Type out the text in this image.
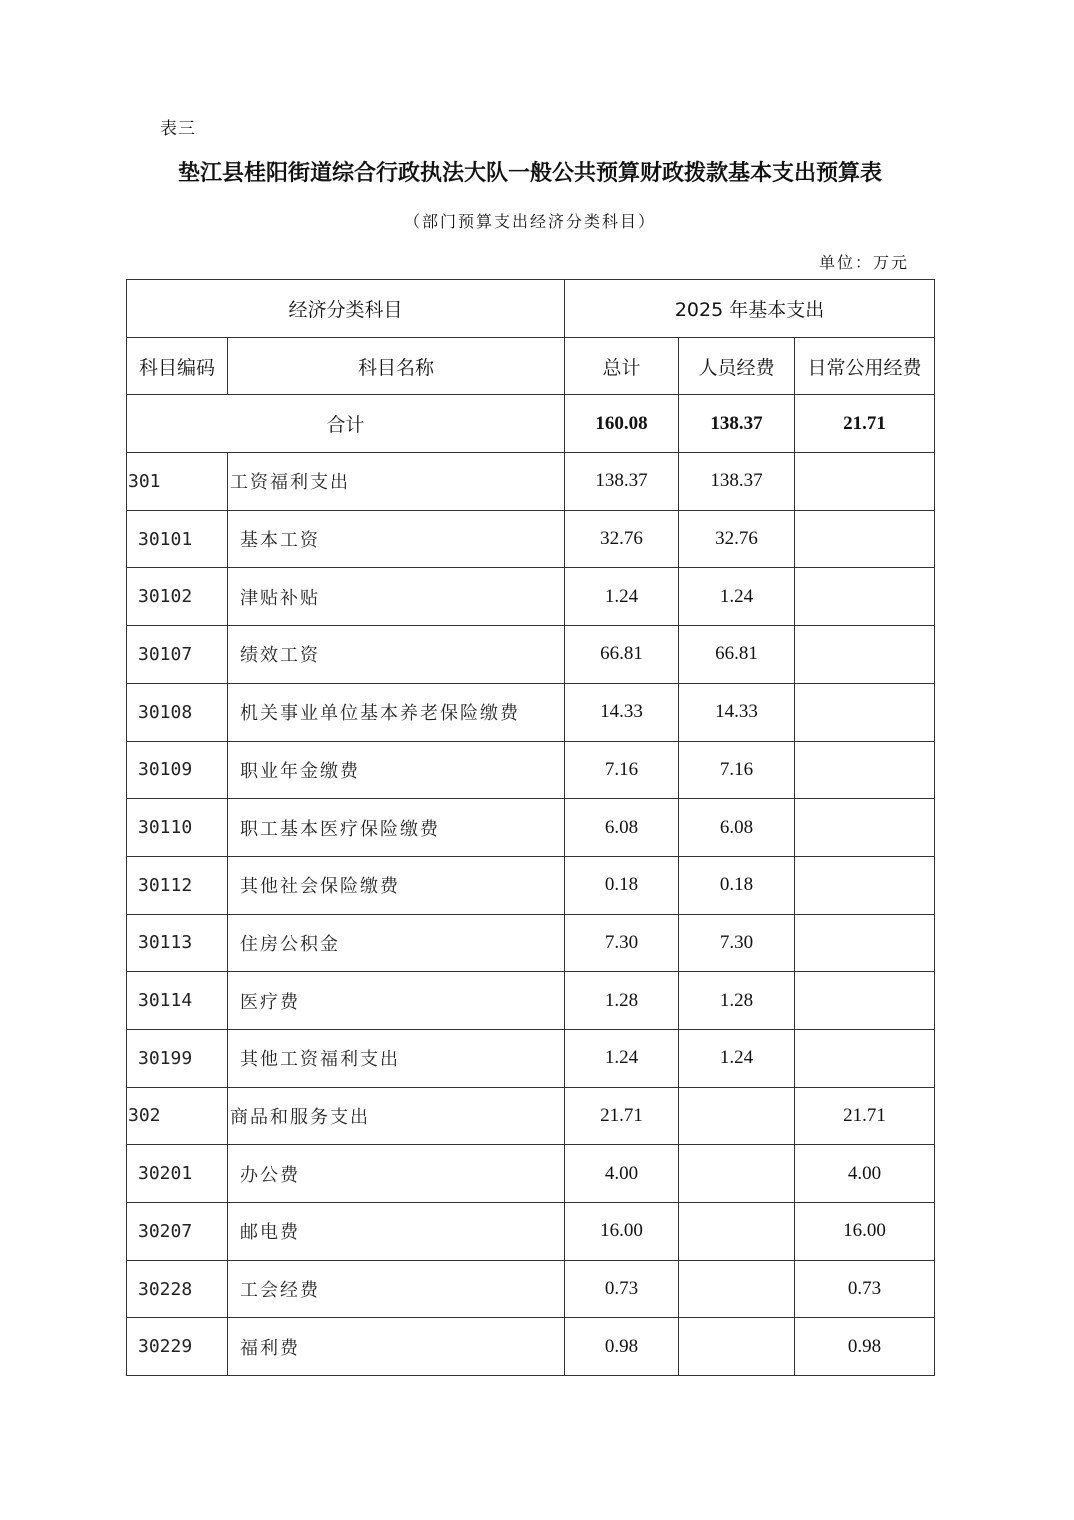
表三
垫江县桂阳街道综合行政执法大队一般公共预算财政拨款基本支出预算表
（部门预算支出经济分类科目）
单位：万元
经济分类科目		2025 年基本支出		
科目编码	科目名称	总计	人员经费	日常公用经费
合计		160.08	138.37	21.71
301	工资福利支出	138.37	138.37	
30101	基本工资	32.76	32.76	
30102	津贴补贴	1.24	1.24	
30107	绩效工资	66.81	66.81	
30108	机关事业单位基本养老保险缴费	14.33	14.33	
30109	职业年金缴费	7.16	7.16	
30110	职工基本医疗保险缴费	6.08	6.08	
30112	其他社会保险缴费	0.18	0.18	
30113	住房公积金	7.30	7.30	
30114	医疗费	1.28	1.28	
30199	其他工资福利支出	1.24	1.24	
302	商品和服务支出	21.71		21.71
30201	办公费	4.00		4.00
30207	邮电费	16.00		16.00
30228	工会经费	0.73		0.73
30229	福利费	0.98		0.98
